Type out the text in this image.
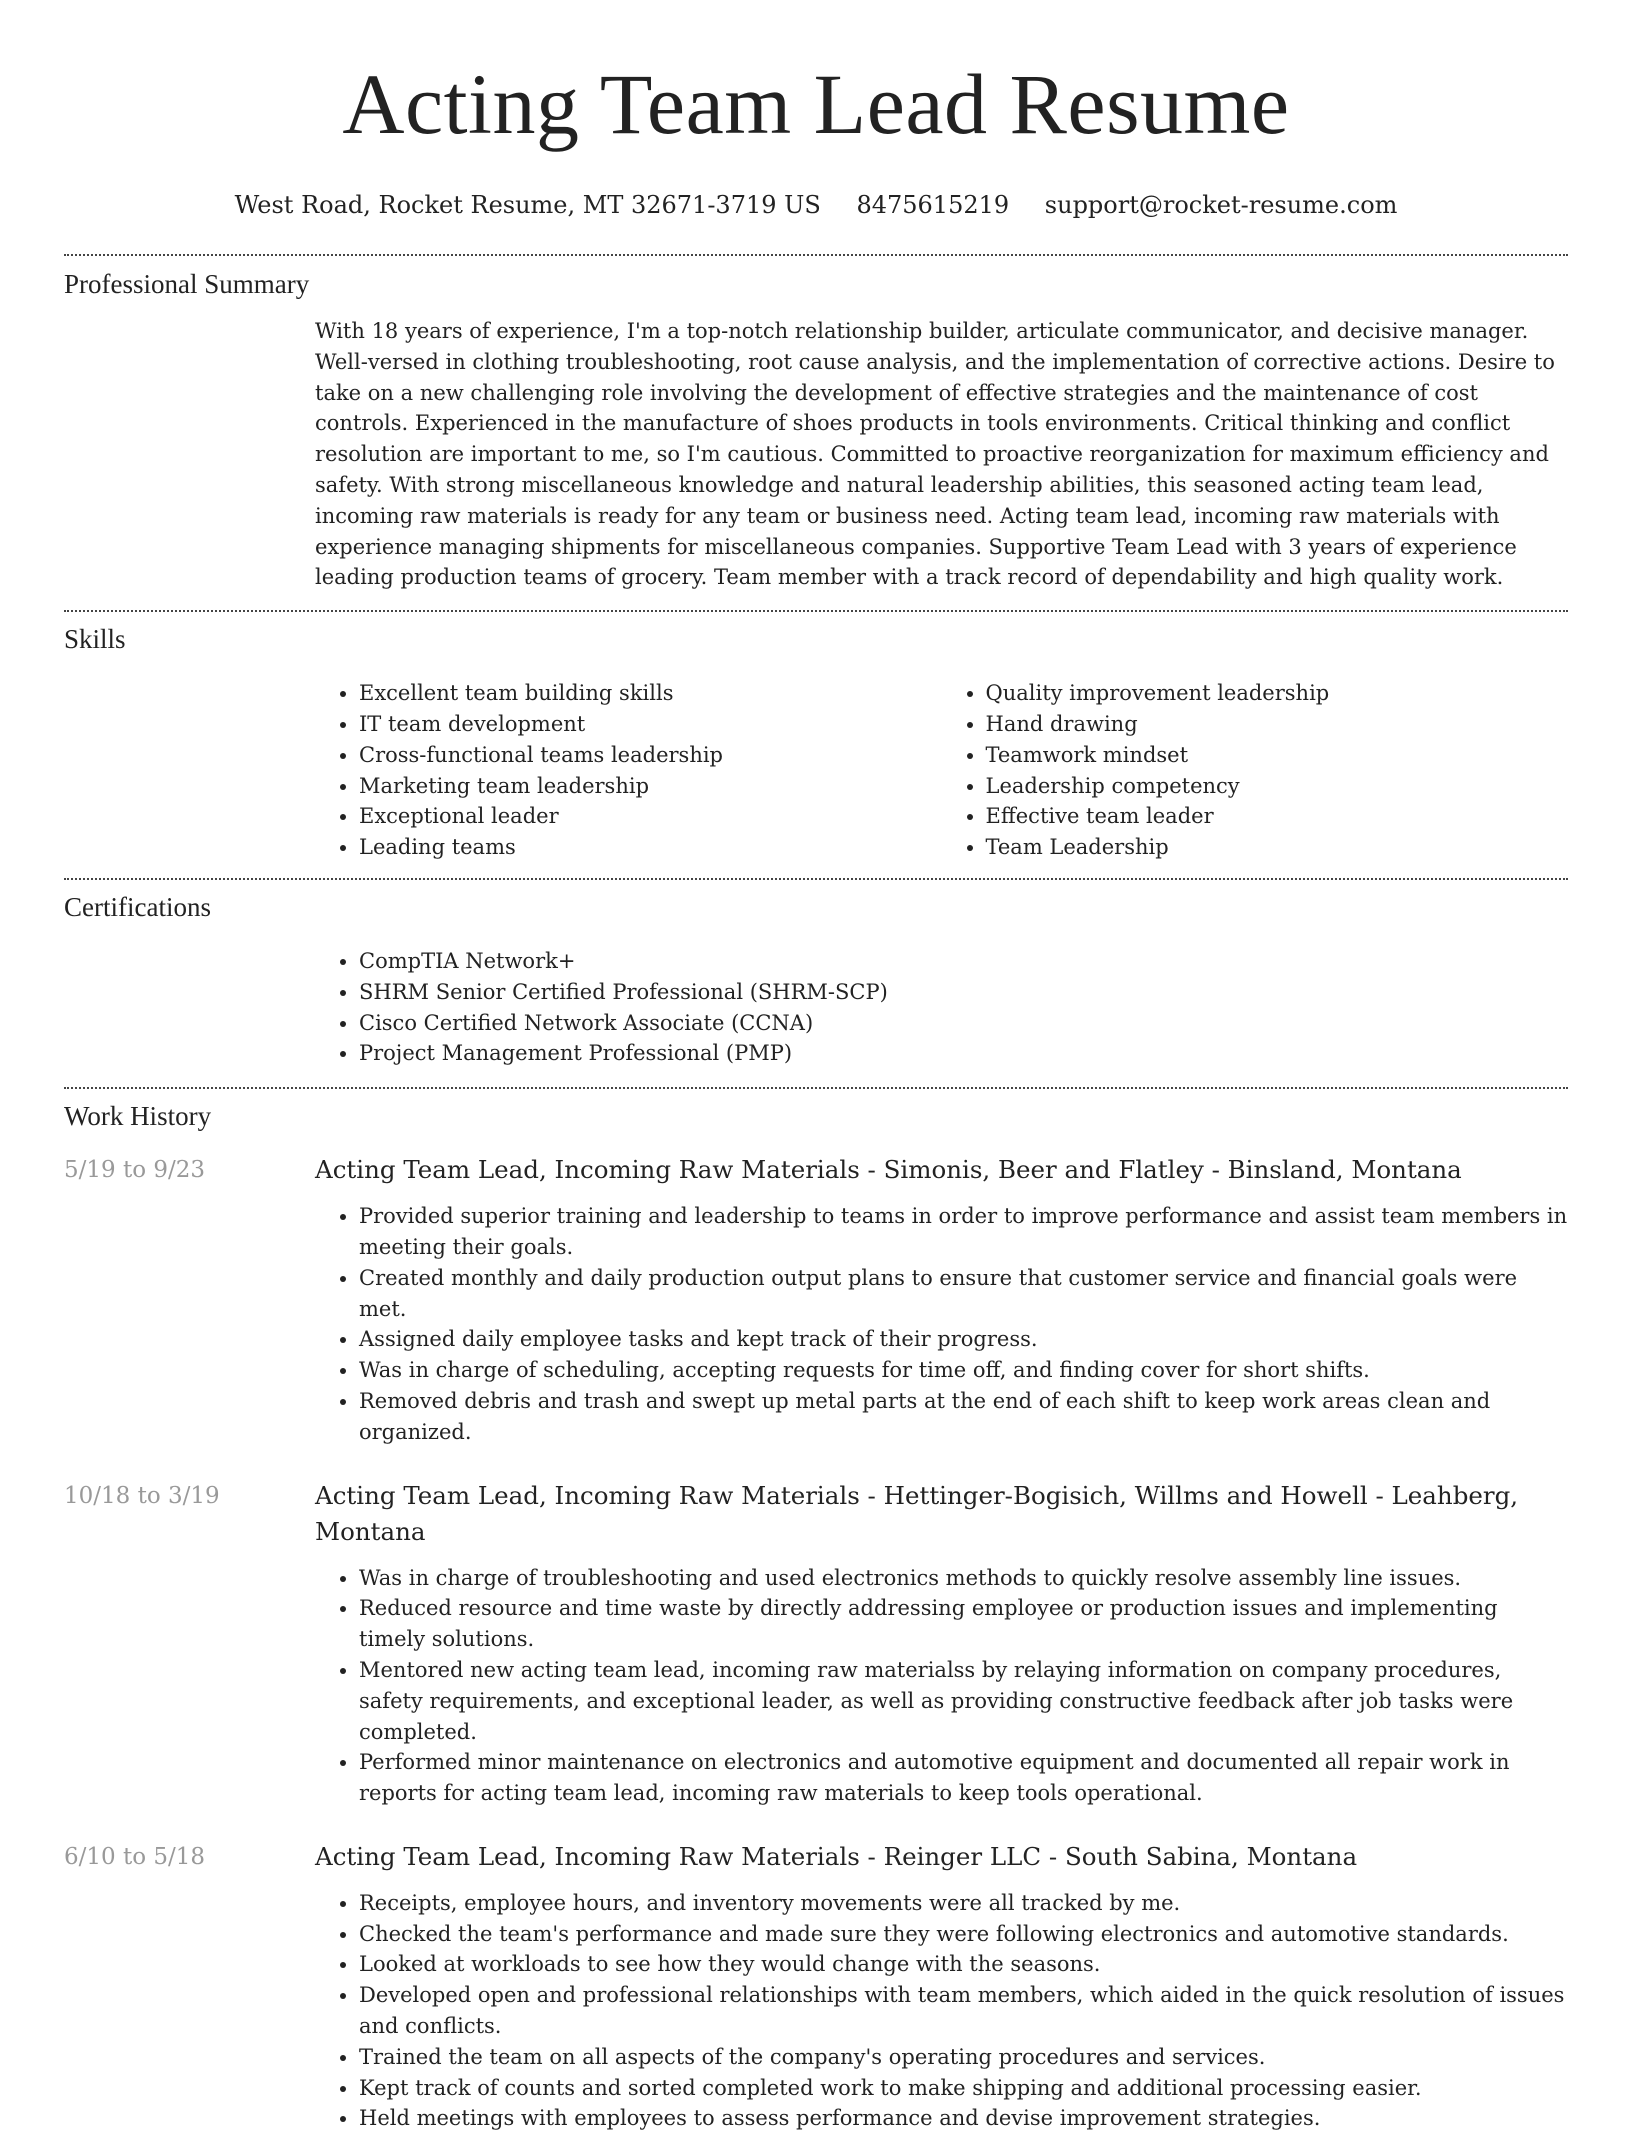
Acting Team Lead Resume
West Road, Rocket Resume, MT 32671-3719 US 8475615219 support@rocket-resume.com
Professional Summary

With 18 years of experience, I'm a top-notch relationship builder, articulate communicator, and decisive manager. Well-versed in clothing troubleshooting, root cause analysis, and the implementation of corrective actions. Desire to take on a new challenging role involving the development of effective strategies and the maintenance of cost controls. Experienced in the manufacture of shoes products in tools environments. Critical thinking and conflict resolution are important to me, so I'm cautious. Committed to proactive reorganization for maximum efficiency and safety. With strong miscellaneous knowledge and natural leadership abilities, this seasoned acting team lead, incoming raw materials is ready for any team or business need. Acting team lead, incoming raw materials with experience managing shipments for miscellaneous companies. Supportive Team Lead with 3 years of experience leading production teams of grocery. Team member with a track record of dependability and high quality work.

Skills
• Excellent team building skills
• IT team development
• Cross-functional teams leadership
• Marketing team leadership
• Exceptional leader
• Leading teams
• Quality improvement leadership
• Hand drawing
• Teamwork mindset
• Leadership competency
• Effective team leader
• Team Leadership
Certifications
• CompTIA Network+
• SHRM Senior Certified Professional (SHRM-SCP)
• Cisco Certified Network Associate (CCNA)
• Project Management Professional (PMP)
Work History
5/19 to 9/23	Acting Team Lead, Incoming Raw Materials - Simonis, Beer and Flatley - Binsland, Montana
• Provided superior training and leadership to teams in order to improve performance and assist team members in meeting their goals.
• Created monthly and daily production output plans to ensure that customer service and financial goals were met.
• Assigned daily employee tasks and kept track of their progress.
• Was in charge of scheduling, accepting requests for time off, and finding cover for short shifts.
• Removed debris and trash and swept up metal parts at the end of each shift to keep work areas clean and organized.
10/18 to 3/19	Acting Team Lead, Incoming Raw Materials - Hettinger-Bogisich, Willms and Howell - Leahberg, Montana
• Was in charge of troubleshooting and used electronics methods to quickly resolve assembly line issues.
• Reduced resource and time waste by directly addressing employee or production issues and implementing timely solutions.
• Mentored new acting team lead, incoming raw materialss by relaying information on company procedures, safety requirements, and exceptional leader, as well as providing constructive feedback after job tasks were completed.
• Performed minor maintenance on electronics and automotive equipment and documented all repair work in reports for acting team lead, incoming raw materials to keep tools operational.
6/10 to 5/18	Acting Team Lead, Incoming Raw Materials - Reinger LLC - South Sabina, Montana
• Receipts, employee hours, and inventory movements were all tracked by me.
• Checked the team's performance and made sure they were following electronics and automotive standards.
• Looked at workloads to see how they would change with the seasons.
• Developed open and professional relationships with team members, which aided in the quick resolution of issues and conflicts.
• Trained the team on all aspects of the company's operating procedures and services.
• Kept track of counts and sorted completed work to make shipping and additional processing easier.
• Held meetings with employees to assess performance and devise improvement strategies.
